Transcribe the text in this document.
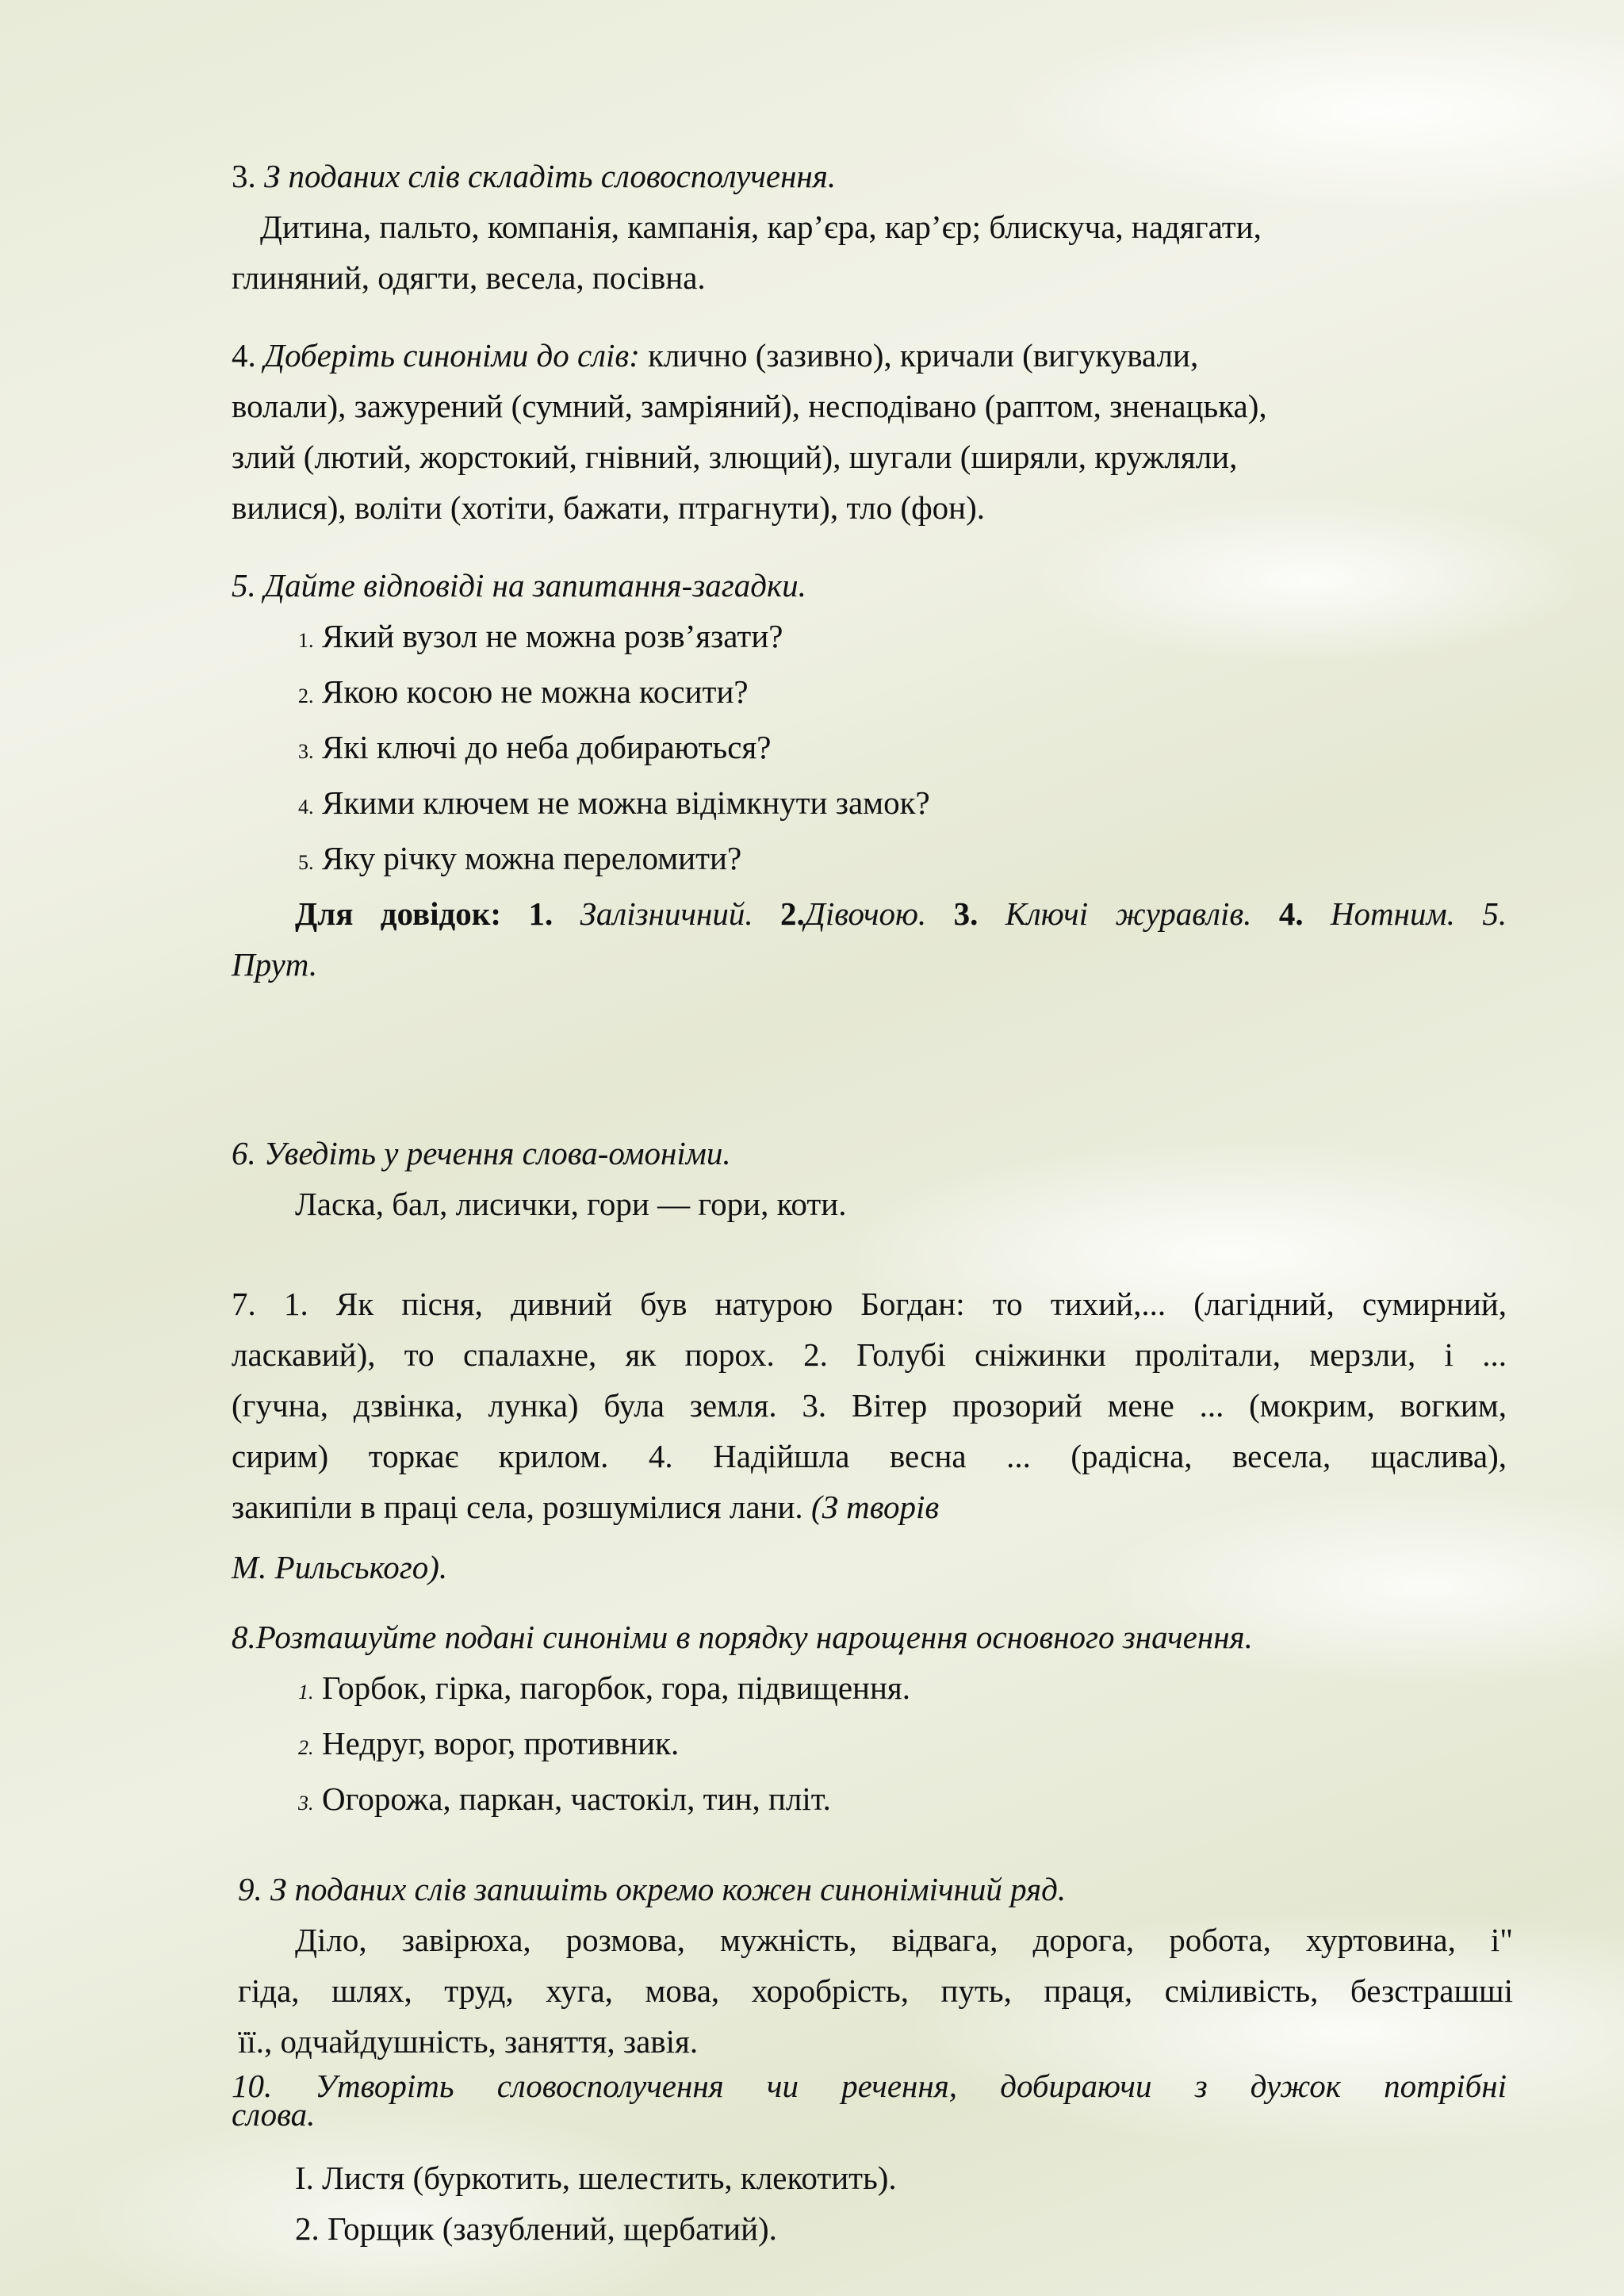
3. З поданих слів складіть словосполучення.

Дитина, пальто, компанія, кампанія, кар’єра, кар’єр; блискуча, надягати,

глиняний, одягти, весела, посівна.

4. Доберіть синоніми до слів: клично (зазивно), кричали (вигукували,

волали), зажурений (сумний, замріяний), несподівано (раптом, зненацька),

злий (лютий, жорстокий, гнівний, злющий), шугали (ширяли, кружляли,

вилися), воліти (хотіти, бажати, птрагнути), тло (фон).

5. Дайте відповіді на запитання-загадки.

1. Який вузол не можна розв’язати?
2. Якою косою не можна косити?
3. Які ключі до неба добираються?
4. Якими ключем не можна відімкнути замок?
5. Яку річку можна переломити?

Для довідок: 1. Залізничний. 2.Дівочою. 3. Ключі журавлів. 4. Нотним. 5.

Прут.

6. Уведіть у речення слова-омоніми.

Ласка, бал, лисички, гори — гори, коти.

7. 1. Як пісня, дивний був натурою Богдан: то тихий,... (лагідний, сумирний,

ласкавий), то спалахне, як порох. 2. Голубі сніжинки пролітали, мерзли, і ...

(гучна, дзвінка, лунка) була земля. 3. Вітер прозорий мене ... (мокрим, вогким,

сирим) торкає крилом. 4. Надійшла весна ... (радісна, весела, щаслива),

закипіли в праці села, розшумілися лани. (З творів

М. Рильського).

8.Розташуйте подані синоніми в порядку нарощення основного значення.

1. Горбок, гірка, пагорбок, гора, підвищення.
2. Недруг, ворог, противник.
3. Огорожа, паркан, частокіл, тин, пліт.

9. З поданих слів запишіть окремо кожен синонімічний ряд.

Діло, завірюха, розмова, мужність, відвага, дорога, робота, хуртовина, і"

гіда, шлях, труд, хуга, мова, хоробрість, путь, праця, сміливість, безстрашші

її., одчайдушність, заняття, завія.

10. Утворіть словосполучення чи речення, добираючи з дужок потрібні

слова.

І. Листя (буркотить, шелестить, клекотить).

2. Горщик (зазублений, щербатий).
